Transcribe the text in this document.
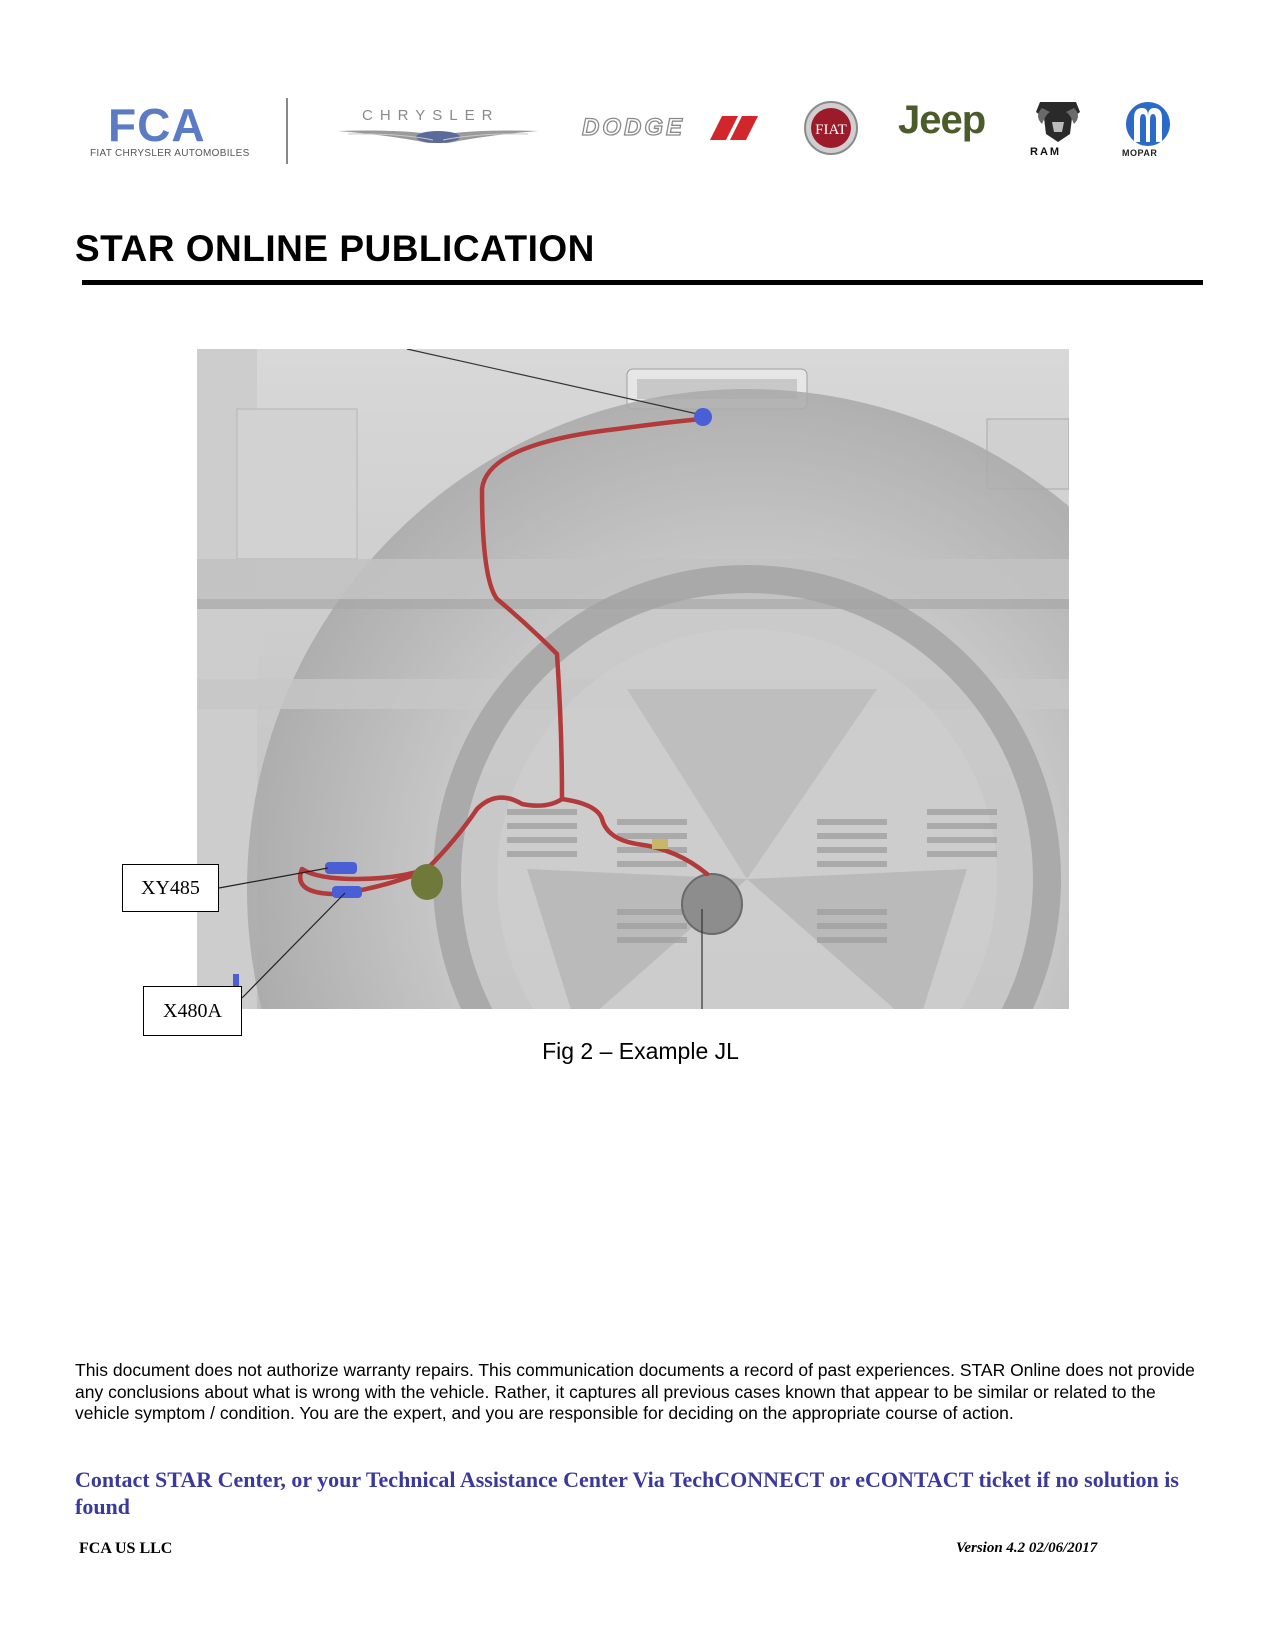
FCA
FIAT CHRYSLER AUTOMOBILES
CHRYSLER	DODGE	FIAT Jeep
RAM	MOPAR
STAR ONLINE PUBLICATION
XY485
X480A
Fig 2 – Example JL
This document does not authorize warranty repairs. This communication documents a record of past experiences. STAR Online does not provide any conclusions about what is wrong with the vehicle. Rather, it captures all previous cases known that appear to be similar or related to the vehicle symptom / condition. You are the expert, and you are responsible for deciding on the appropriate course of action.
Contact STAR Center, or your Technical Assistance Center Via TechCONNECT or eCONTACT ticket if no solution is found
FCA US LLC	Version 4.2 02/06/2017
